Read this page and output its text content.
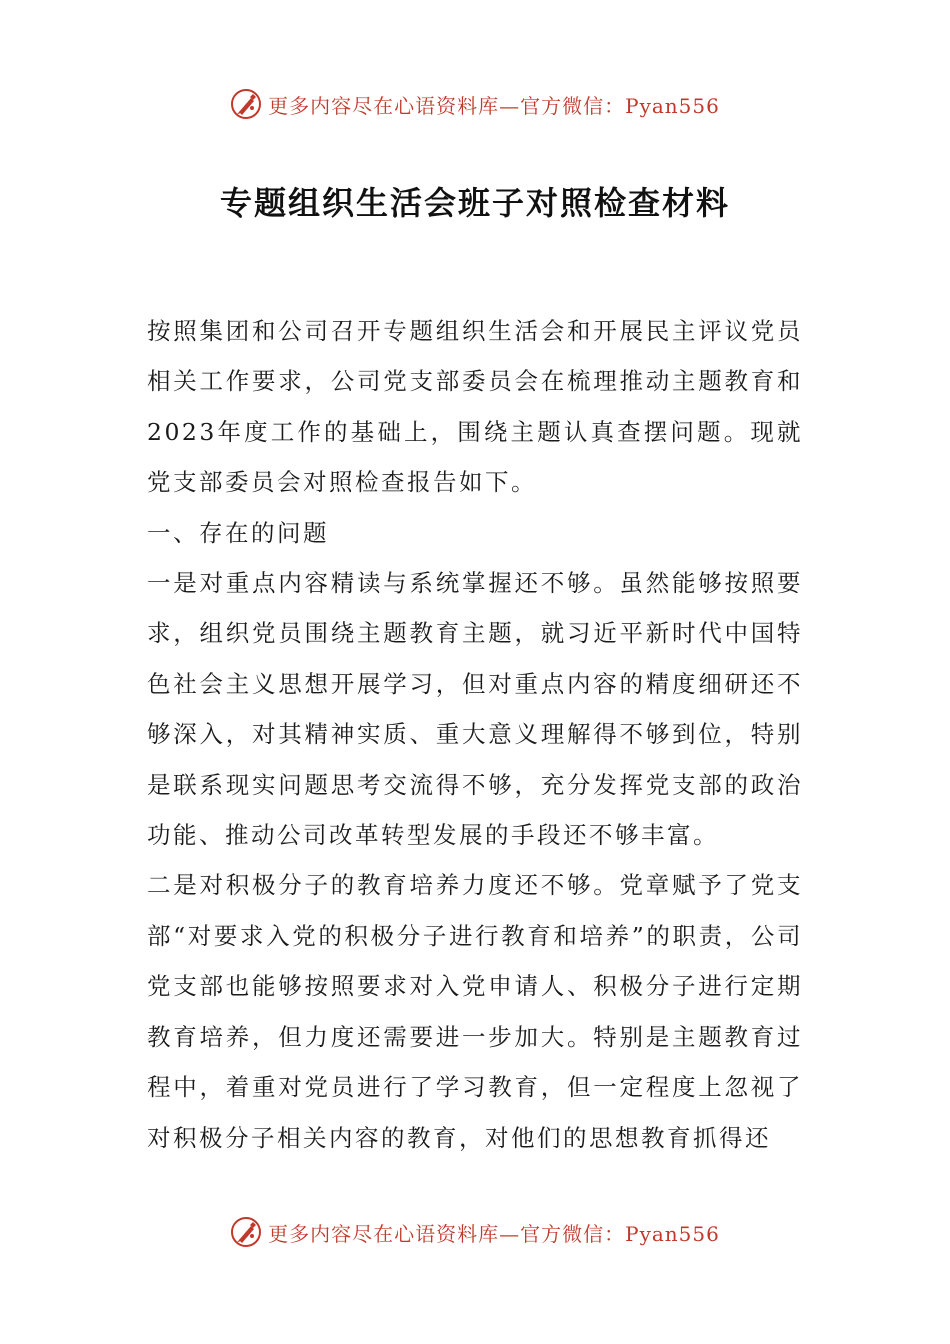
更多内容尽在心语资料库—官方微信：Pyan556
专题组织生活会班子对照检查材料

按照集团和公司召开专题组织生活会和开展民主评议党员相关工作要求，公司党支部委员会在梳理推动主题教育和2023年度工作的基础上，围绕主题认真查摆问题。现就党支部委员会对照检查报告如下。

一、存在的问题

一是对重点内容精读与系统掌握还不够。虽然能够按照要求，组织党员围绕主题教育主题，就习近平新时代中国特色社会主义思想开展学习，但对重点内容的精度细研还不够深入，对其精神实质、重大意义理解得不够到位，特别是联系现实问题思考交流得不够，充分发挥党支部的政治功能、推动公司改革转型发展的手段还不够丰富。

二是对积极分子的教育培养力度还不够。党章赋予了党支部“对要求入党的积极分子进行教育和培养”的职责，公司党支部也能够按照要求对入党申请人、积极分子进行定期教育培养，但力度还需要进一步加大。特别是主题教育过程中，着重对党员进行了学习教育，但一定程度上忽视了对积极分子相关内容的教育，对他们的思想教育抓得还

更多内容尽在心语资料库—官方微信：Pyan556
